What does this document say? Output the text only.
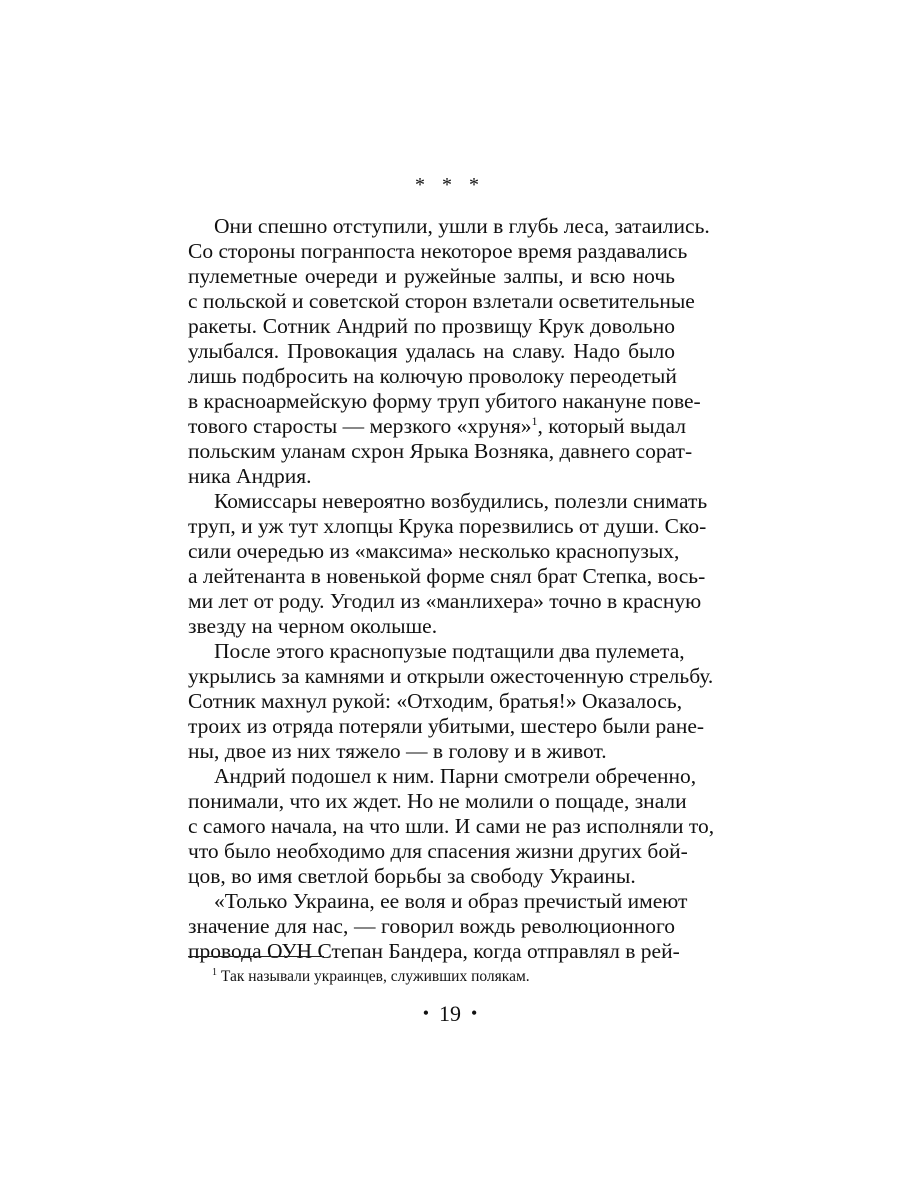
* * *
Они спешно отступили, ушли в глубь леса, затаились.
Со стороны погранпоста некоторое время раздавались
пулеметные очереди и ружейные залпы, и всю ночь
с польской и советской сторон взлетали осветительные
ракеты. Сотник Андрий по прозвищу Крук довольно
улыбался. Провокация удалась на славу. Надо было
лишь подбросить на колючую проволоку переодетый
в красноармейскую форму труп убитого накануне пове-
тового старосты — мерзкого «хруня»$^1$, который выдал
польским уланам схрон Ярыка Возняка, давнего сорат-
ника Андрия.
Комиссары невероятно возбудились, полезли снимать
труп, и уж тут хлопцы Крука порезвились от души. Ско-
сили очередью из «максима» несколько краснопузых,
а лейтенанта в новенькой форме снял брат Степка, вось-
ми лет от роду. Угодил из «манлихера» точно в красную
звезду на черном околыше.
После этого краснопузые подтащили два пулемета,
укрылись за камнями и открыли ожесточенную стрельбу.
Сотник махнул рукой: «Отходим, братья!» Оказалось,
троих из отряда потеряли убитыми, шестеро были ране-
ны, двое из них тяжело — в голову и в живот.
Андрий подошел к ним. Парни смотрели обреченно,
понимали, что их ждет. Но не молили о пощаде, знали
с самого начала, на что шли. И сами не раз исполняли то,
что было необходимо для спасения жизни других бой-
цов, во имя светлой борьбы за свободу Украины.
«Только Украина, ее воля и образ пречистый имеют
значение для нас, — говорил вождь революционного
провода ОУН Степан Бандера, когда отправлял в рей-
$^1$ Так называли украинцев, служивших полякам.
• 19 •
